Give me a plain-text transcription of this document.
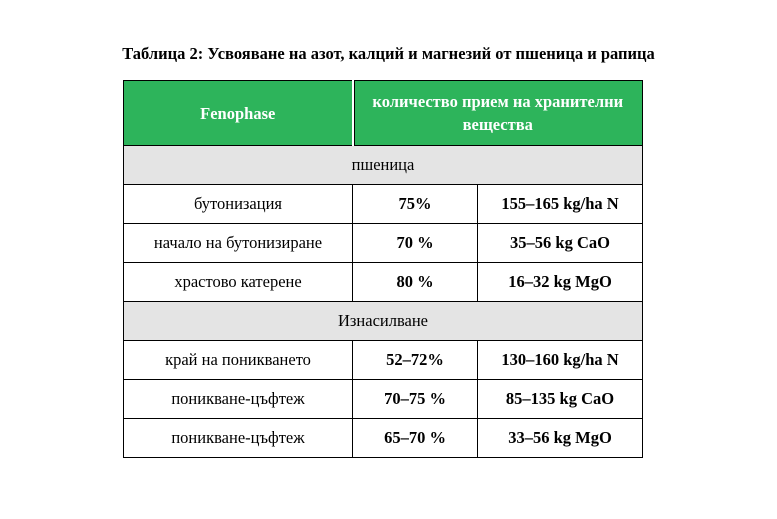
Таблица 2: Усвояване на азот, калций и магнезий от пшеница и рапица
Fenophase	количество прием на хранителни вещества	
пшеница		
бутонизация	75%	155–165 kg/ha N
начало на бутонизиране	70 %	35–56 kg CaO
храстово катерене	80 %	16–32 kg MgO
Изнасилване		
край на поникването	52–72%	130–160 kg/ha N
поникване-цъфтеж	70–75 %	85–135 kg CaO
поникване-цъфтеж	65–70 %	33–56 kg MgO
